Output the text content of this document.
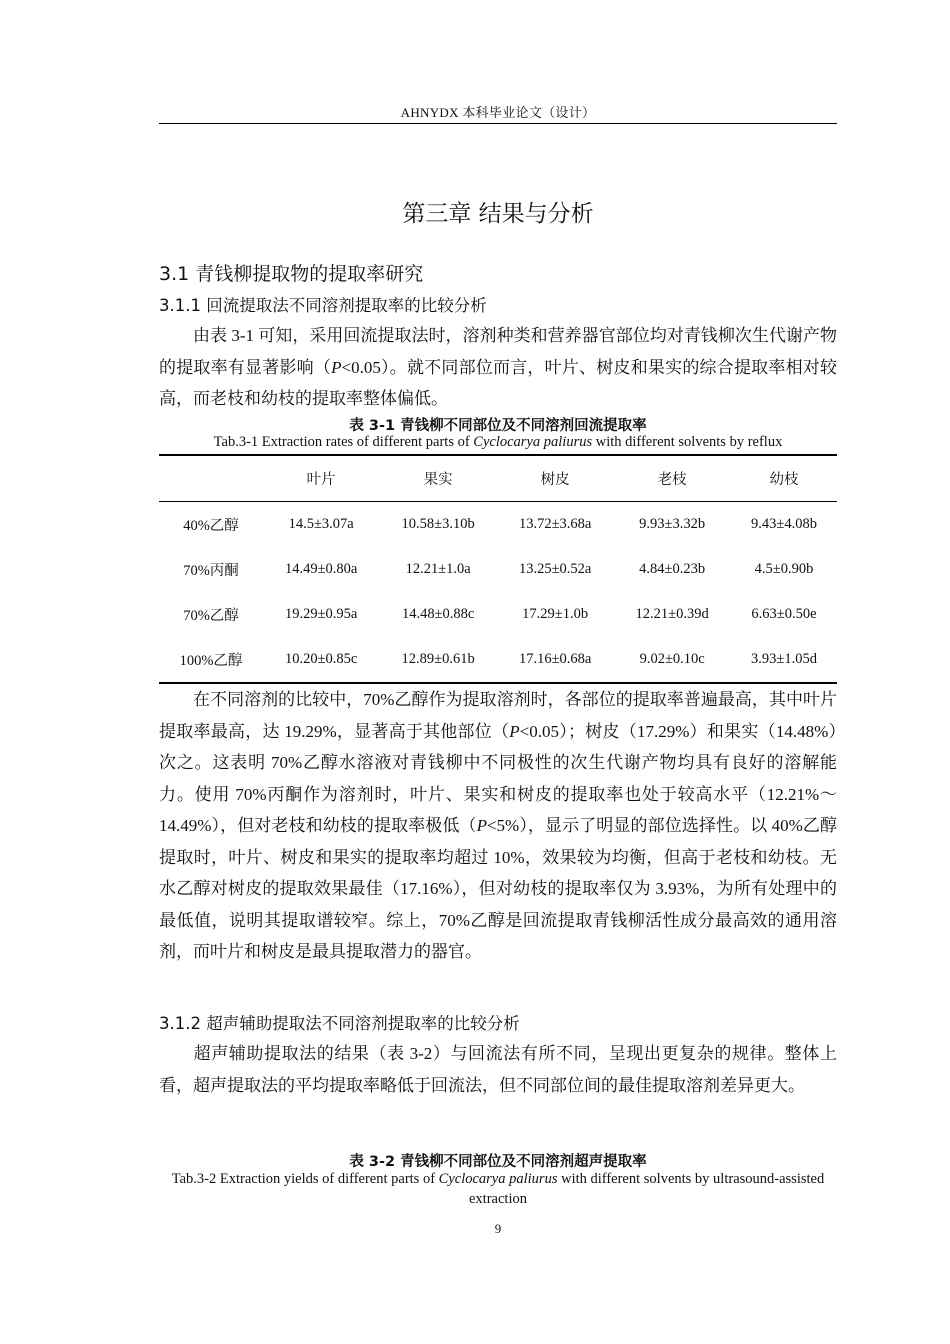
AHNYDX 本科毕业论文（设计）
第三章 结果与分析
3.1 青钱柳提取物的提取率研究
3.1.1 回流提取法不同溶剂提取率的比较分析

由表 3-1 可知，采用回流提取法时，溶剂种类和营养器官部位均对青钱柳次生代谢产物的提取率有显著影响（P<0.05）。就不同部位而言，叶片、树皮和果实的综合提取率相对较高，而老枝和幼枝的提取率整体偏低。

表 3-1 青钱柳不同部位及不同溶剂回流提取率
Tab.3-1 Extraction rates of different parts of Cyclocarya paliurus with different solvents by reflux
	叶片	果实	树皮	老枝	幼枝
40%乙醇	14.5±3.07a	10.58±3.10b	13.72±3.68a	9.93±3.32b	9.43±4.08b
70%丙酮	14.49±0.80a	12.21±1.0a	13.25±0.52a	4.84±0.23b	4.5±0.90b
70%乙醇	19.29±0.95a	14.48±0.88c	17.29±1.0b	12.21±0.39d	6.63±0.50e
100%乙醇	10.20±0.85c	12.89±0.61b	17.16±0.68a	9.02±0.10c	3.93±1.05d

在不同溶剂的比较中，70%乙醇作为提取溶剂时，各部位的提取率普遍最高，其中叶片提取率最高，达 19.29%，显著高于其他部位（P<0.05）；树皮（17.29%）和果实（14.48%）次之。这表明 70%乙醇水溶液对青钱柳中不同极性的次生代谢产物均具有良好的溶解能力。使用 70%丙酮作为溶剂时，叶片、果实和树皮的提取率也处于较高水平（12.21%～14.49%），但对老枝和幼枝的提取率极低（P<5%），显示了明显的部位选择性。以 40%乙醇提取时，叶片、树皮和果实的提取率均超过 10%，效果较为均衡，但高于老枝和幼枝。无水乙醇对树皮的提取效果最佳（17.16%），但对幼枝的提取率仅为 3.93%，为所有处理中的最低值，说明其提取谱较窄。综上，70%乙醇是回流提取青钱柳活性成分最高效的通用溶剂，而叶片和树皮是最具提取潜力的器官。

3.1.2 超声辅助提取法不同溶剂提取率的比较分析

超声辅助提取法的结果（表 3-2）与回流法有所不同，呈现出更复杂的规律。整体上看，超声提取法的平均提取率略低于回流法，但不同部位间的最佳提取溶剂差异更大。

表 3-2 青钱柳不同部位及不同溶剂超声提取率
Tab.3-2 Extraction yields of different parts of Cyclocarya paliurus with different solvents by ultrasound-assisted extraction
9
